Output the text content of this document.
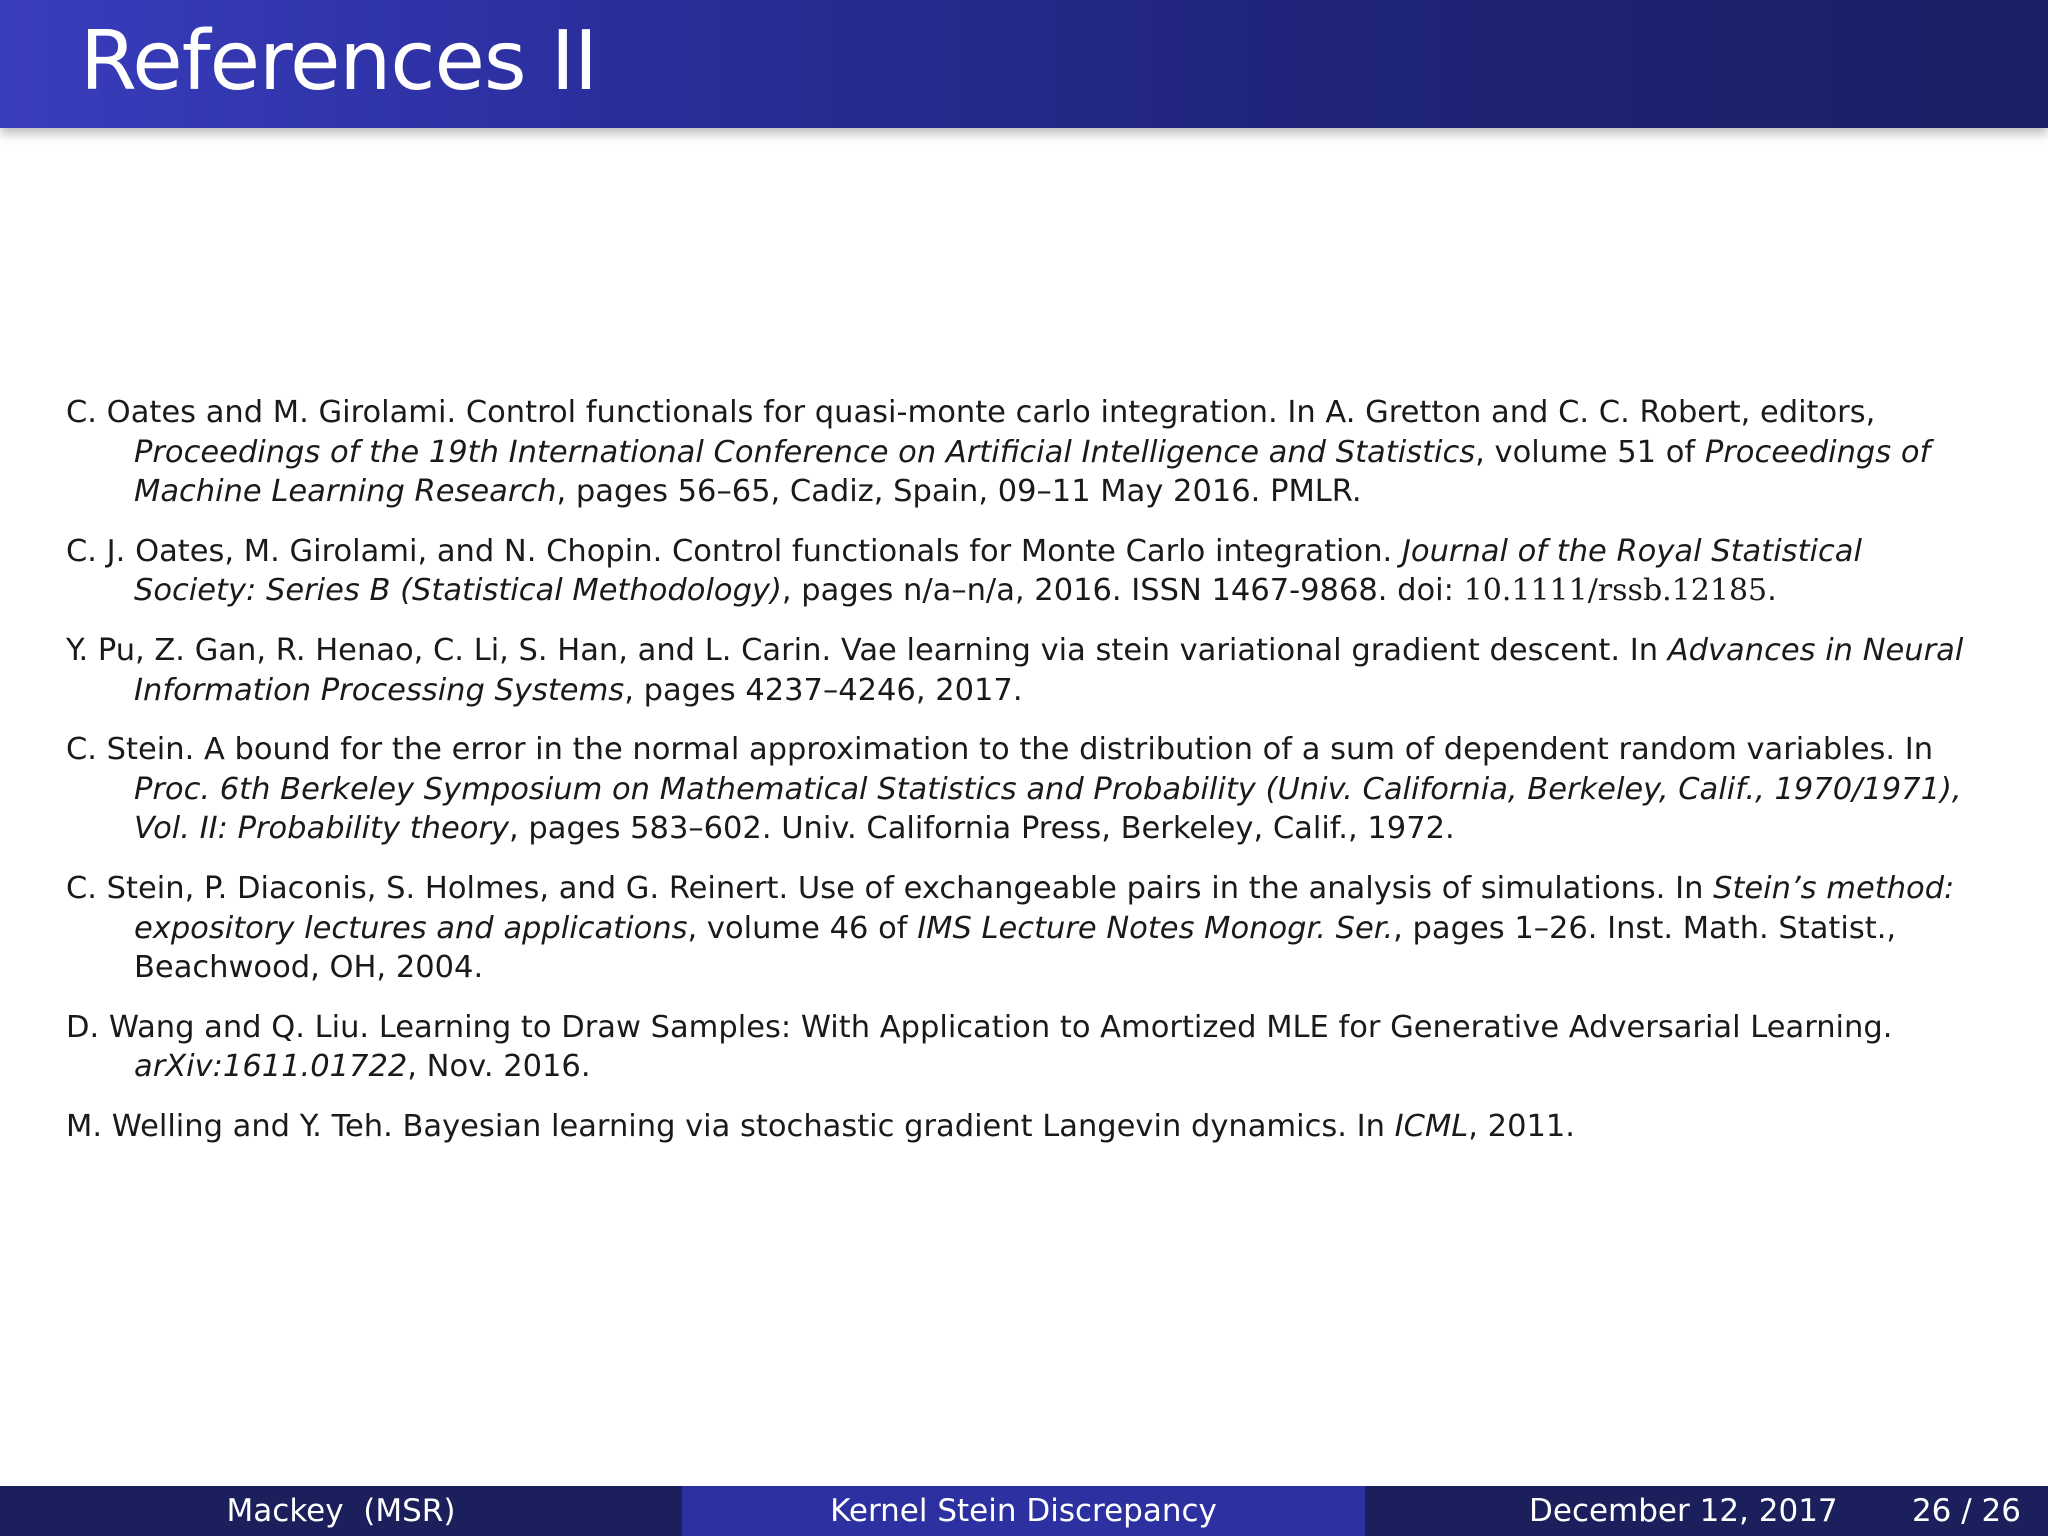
References II
C. Oates and M. Girolami. Control functionals for quasi-monte carlo integration. In A. Gretton and C. C. Robert, editors,
Proceedings of the 19th International Conference on Artificial Intelligence and Statistics, volume 51 of Proceedings of
Machine Learning Research, pages 56–65, Cadiz, Spain, 09–11 May 2016. PMLR.
C. J. Oates, M. Girolami, and N. Chopin. Control functionals for Monte Carlo integration. Journal of the Royal Statistical
Society: Series B (Statistical Methodology), pages n/a–n/a, 2016. ISSN 1467-9868. doi: 10.1111/rssb.12185.
Y. Pu, Z. Gan, R. Henao, C. Li, S. Han, and L. Carin. Vae learning via stein variational gradient descent. In Advances in Neural
Information Processing Systems, pages 4237–4246, 2017.
C. Stein. A bound for the error in the normal approximation to the distribution of a sum of dependent random variables. In
Proc. 6th Berkeley Symposium on Mathematical Statistics and Probability (Univ. California, Berkeley, Calif., 1970/1971),
Vol. II: Probability theory, pages 583–602. Univ. California Press, Berkeley, Calif., 1972.
C. Stein, P. Diaconis, S. Holmes, and G. Reinert. Use of exchangeable pairs in the analysis of simulations. In Stein’s method:
expository lectures and applications, volume 46 of IMS Lecture Notes Monogr. Ser., pages 1–26. Inst. Math. Statist.,
Beachwood, OH, 2004.
D. Wang and Q. Liu. Learning to Draw Samples: With Application to Amortized MLE for Generative Adversarial Learning.
arXiv:1611.01722, Nov. 2016.
M. Welling and Y. Teh. Bayesian learning via stochastic gradient Langevin dynamics. In ICML, 2011.
Mackey  (MSR)	Kernel Stein Discrepancy	December 12, 2017 26 / 26
